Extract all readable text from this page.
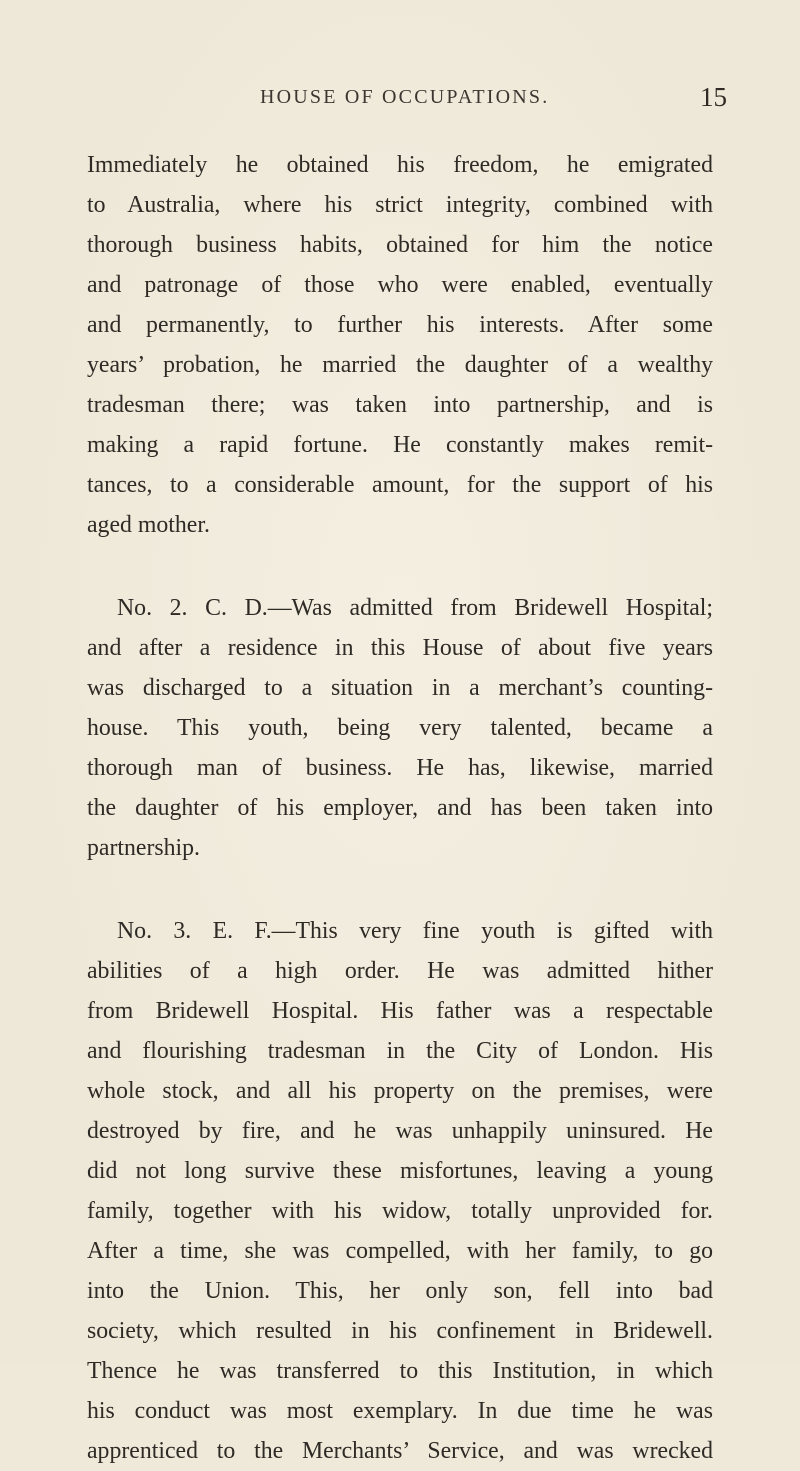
HOUSE OF OCCUPATIONS.	15
Immediately he obtained his freedom, he emigrated
to Australia, where his strict integrity, combined with
thorough business habits, obtained for him the notice
and patronage of those who were enabled, eventually
and permanently, to further his interests. After some
years’ probation, he married the daughter of a wealthy
tradesman there; was taken into partnership, and is
making a rapid fortune. He constantly makes remit-
tances, to a considerable amount, for the support of his
aged mother.
No. 2. C. D.—Was admitted from Bridewell Hospital;
and after a residence in this House of about five years
was discharged to a situation in a merchant’s counting-
house. This youth, being very talented, became a
thorough man of business. He has, likewise, married
the daughter of his employer, and has been taken into
partnership.
No. 3. E. F.—This very fine youth is gifted with
abilities of a high order. He was admitted hither
from Bridewell Hospital. His father was a respectable
and flourishing tradesman in the City of London. His
whole stock, and all his property on the premises, were
destroyed by fire, and he was unhappily uninsured. He
did not long survive these misfortunes, leaving a young
family, together with his widow, totally unprovided for.
After a time, she was compelled, with her family, to go
into the Union. This, her only son, fell into bad
society, which resulted in his confinement in Bridewell.
Thence he was transferred to this Institution, in which
his conduct was most exemplary. In due time he was
apprenticed to the Merchants’ Service, and was wrecked
